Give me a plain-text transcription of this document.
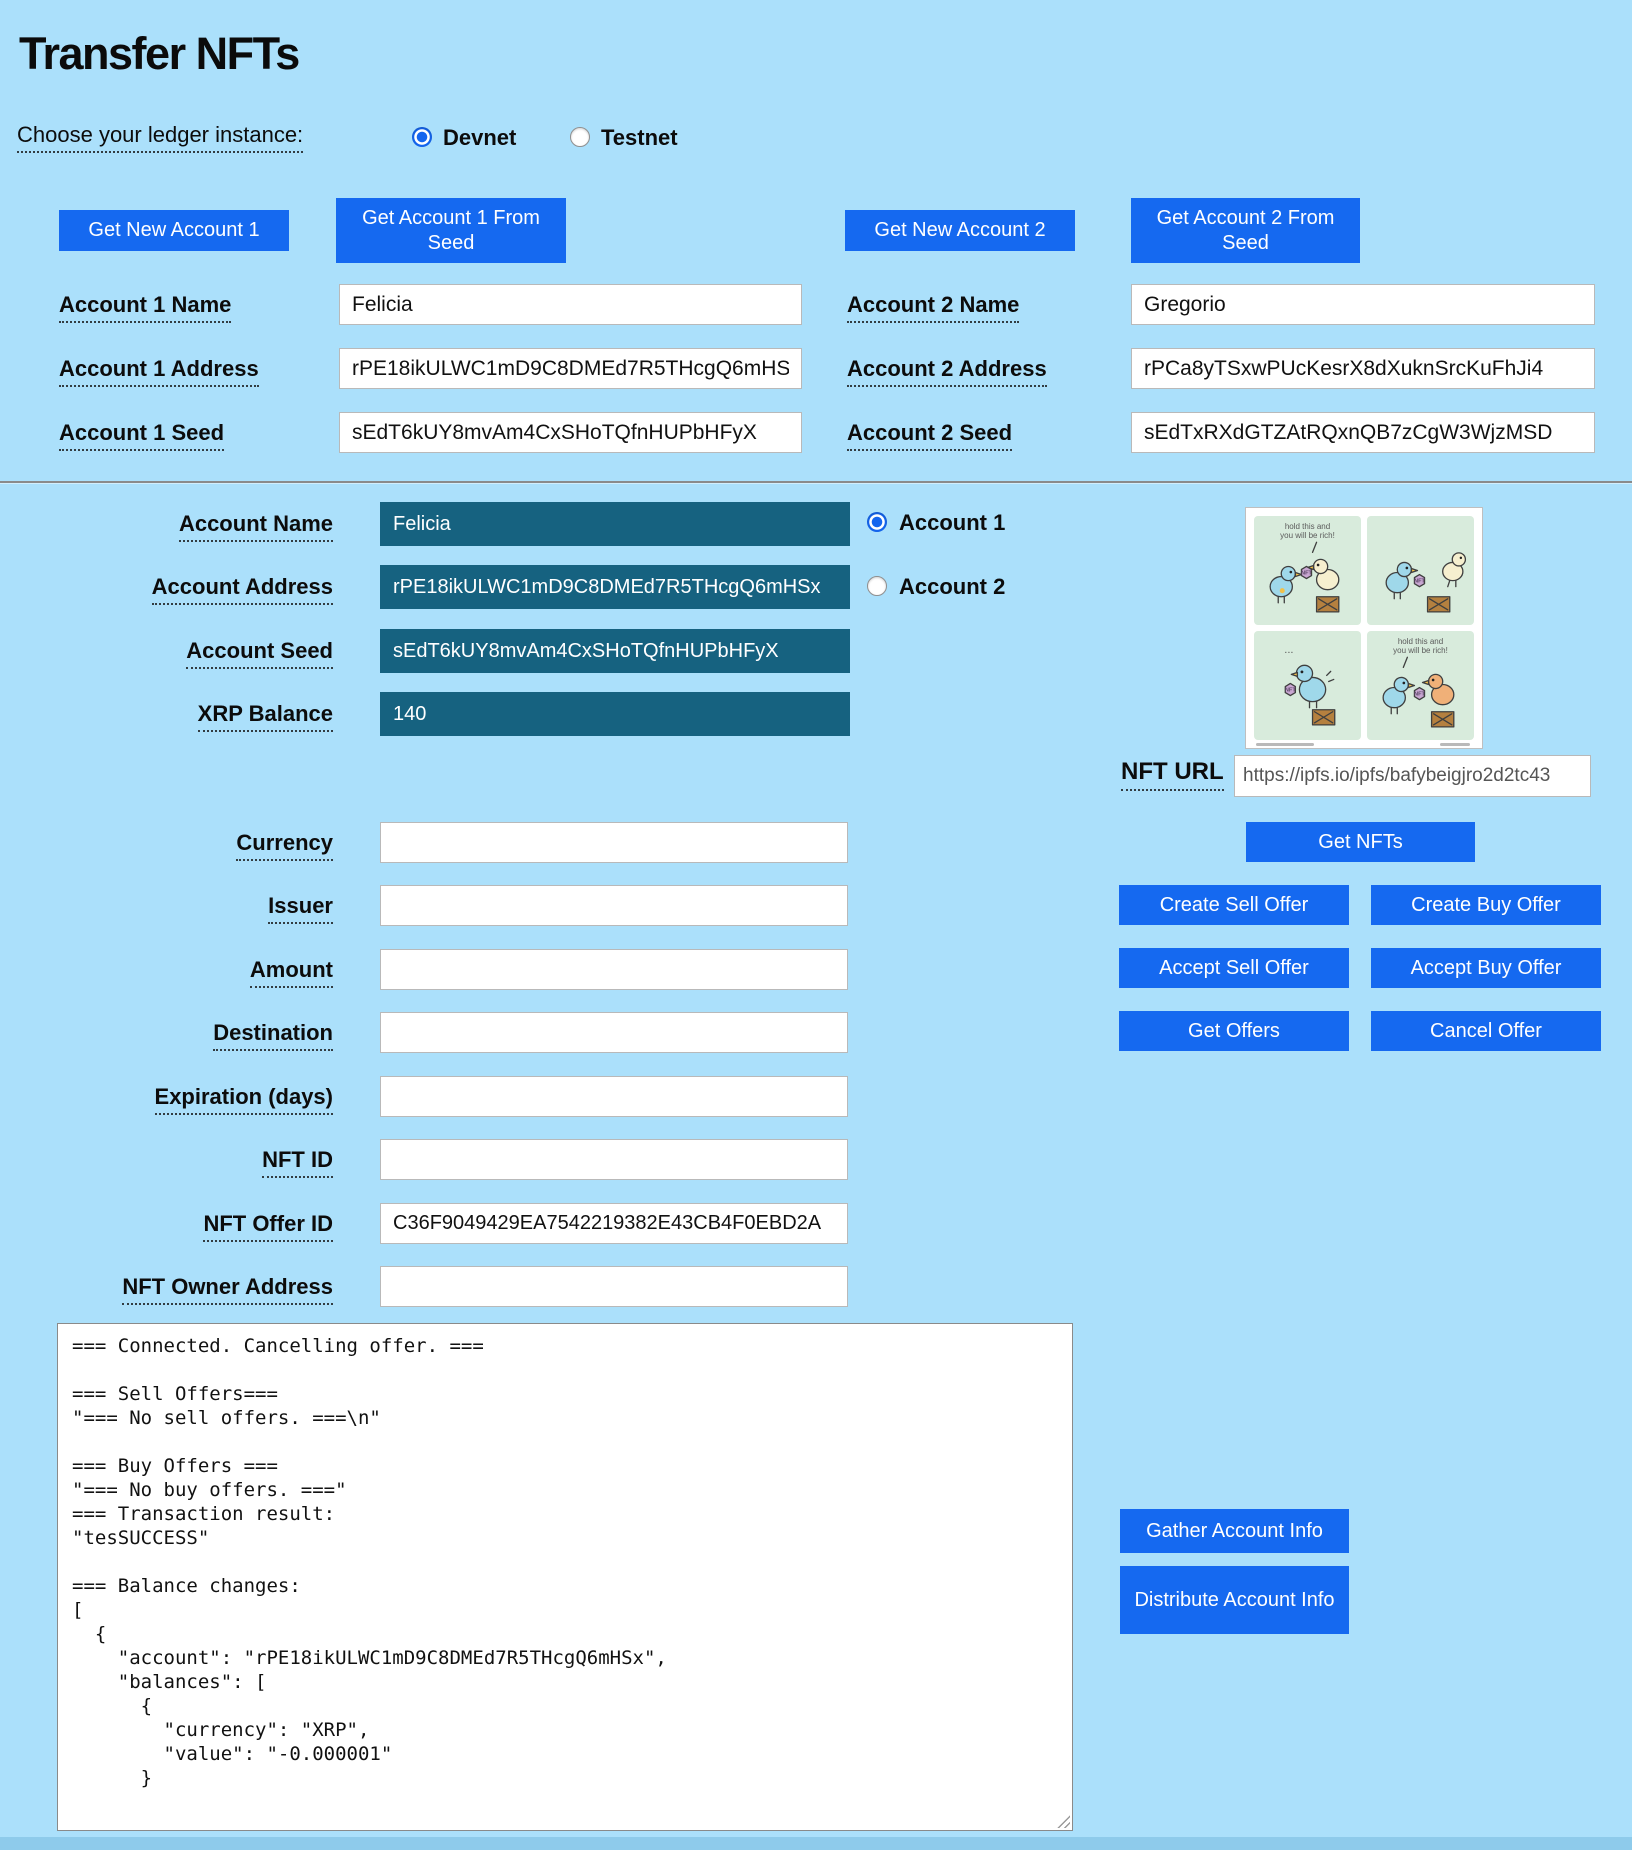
Transfer NFTs
Choose your ledger instance:	Devnet	Testnet
Get New Account 1
Get Account 1 From Seed
Get New Account 2
Get Account 2 From Seed
Account 1 Name
Felicia
Account 1 Address
rPE18ikULWC1mD9C8DMEd7R5THcgQ6mHSx
Account 1 Seed
sEdT6kUY8mvAm4CxSHoTQfnHUPbHFyX
Account 2 Name
Gregorio
Account 2 Address
rPCa8yTSxwPUcKesrX8dXuknSrcKuFhJi4
Account 2 Seed
sEdTxRXdGTZAtRQxnQB7zCgW3WjzMSD
Account Name	Felicia
Account Address	rPE18ikULWC1mD9C8DMEd7R5THcgQ6mHSx
Account Seed	sEdT6kUY8mvAm4CxSHoTQfnHUPbHFyX
XRP Balance	140
Account 1
Account 2
hold this and
you will be rich!
NFT
NFT
...
NFT
hold this and
you will be rich!
NFT
NFT URL
https://ipfs.io/ipfs/bafybeigjro2d2tc43
Get NFTs
Create Sell Offer	Create Buy Offer
Accept Sell Offer	Accept Buy Offer
Get Offers	Cancel Offer
Currency
Issuer
Amount
Destination
Expiration (days)
NFT ID
NFT Offer ID
C36F9049429EA7542219382E43CB4F0EBD2A
NFT Owner Address
=== Connected. Cancelling offer. === === Sell Offers=== "=== No sell offers. ===\n" === Buy Offers === "=== No buy offers. ===" === Transaction result: "tesSUCCESS" === Balance changes: [ { "account": "rPE18ikULWC1mD9C8DMEd7R5THcgQ6mHSx", "balances": [ { "currency": "XRP", "value": "-0.000001" }
Gather Account Info
Distribute Account Info
